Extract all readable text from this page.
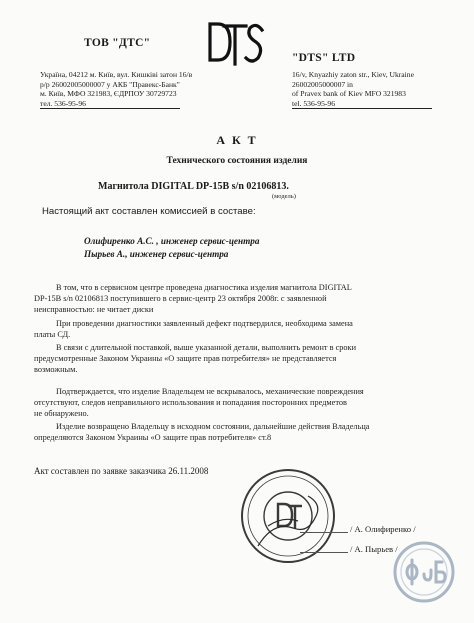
ТОВ "ДТС"
Україна, 04212 м. Київ, вул. Кишківі затон 16/в
р/р 26002005000007 у АКБ "Правекс-Банк"
м. Київ, МФО 321983, ЄДРПОУ 30729723
тел. 536-95-96
"DTS" LTD
16/v, Knyazhiy zaton str., Kiev, Ukraine
26002005000007 in
of Pravex bank of Kiev MFO 321983
tel. 536-95-96
А К Т
Технического состояния изделия
Магнитола DIGITAL DP-15B s/n 02106813.
(модель)
Настоящий акт составлен комиссией в составе:
Олифиренко А.С. , инженер сервис-центра
Пырьев А., инженер сервис-центра
В том, что в сервисном центре проведена диагностика изделия магнитола DIGITAL
DP-15B s/n 02106813 поступившего в сервис-центр 23 октября 2008г. с заявленной
неисправностью: не читает диски
При проведении диагностики заявленный дефект подтвердился, необходима замена
платы СД.
В связи с длительной поставкой, выше указанной детали, выполнить ремонт в сроки
предусмотренные Законом Украины «О защите прав потребителя» не представляется
возможным.
Подтверждается, что изделие Владельцем не вскрывалось, механические повреждения
отсутствуют, следов неправильного использования и попадания посторонних предметов
не обнаружено.
Изделие возвращено Владельцу в исходном состоянии, дальнейшие действия Владельца
определяются Законом Украины «О защите прав потребителя» ст.8
Акт составлен по заявке заказчика 26.11.2008
/ А. Олифиренко /
/ А. Пырьев /
